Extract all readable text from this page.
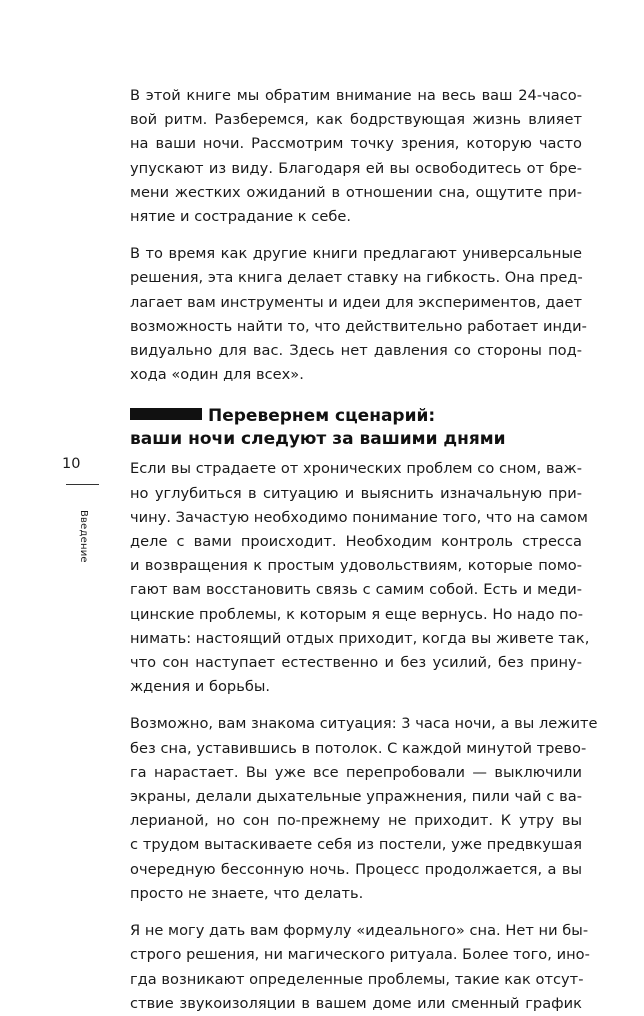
10

Введение

В этой книге мы обратим внимание на весь ваш 24-часо-
вой ритм. Разберемся, как бодрствующая жизнь влияет
на ваши ночи. Рассмотрим точку зрения, которую часто
упускают из виду. Благодаря ей вы освободитесь от бре-
мени жестких ожиданий в отношении сна, ощутите при-
нятие и сострадание к себе.

В то время как другие книги предлагают универсальные
решения, эта книга делает ставку на гибкость. Она пред-
лагает вам инструменты и идеи для экспериментов, дает
возможность найти то, что действительно работает инди-
видуально для вас. Здесь нет давления со стороны под-
хода «один для всех».

Перевернем сценарий:

ваши ночи следуют за вашими днями

Если вы страдаете от хронических проблем со сном, важ-
но углубиться в ситуацию и выяснить изначальную при-
чину. Зачастую необходимо понимание того, что на самом
деле с вами происходит. Необходим контроль стресса
и возвращения к простым удовольствиям, которые помо-
гают вам восстановить связь с самим собой. Есть и меди-
цинские проблемы, к которым я еще вернусь. Но надо по-
нимать: настоящий отдых приходит, когда вы живете так,
что сон наступает естественно и без усилий, без прину-
ждения и борьбы.

Возможно, вам знакома ситуация: 3 часа ночи, а вы лежите
без сна, уставившись в потолок. С каждой минутой трево-
га нарастает. Вы уже все перепробовали — выключили
экраны, делали дыхательные упражнения, пили чай с ва-
лерианой, но сон по-прежнему не приходит. К утру вы
с трудом вытаскиваете себя из постели, уже предвкушая
очередную бессонную ночь. Процесс продолжается, а вы
просто не знаете, что делать.

Я не могу дать вам формулу «идеального» сна. Нет ни бы-
строго решения, ни магического ритуала. Более того, ино-
гда возникают определенные проблемы, такие как отсут-
ствие звукоизоляции в вашем доме или сменный график
